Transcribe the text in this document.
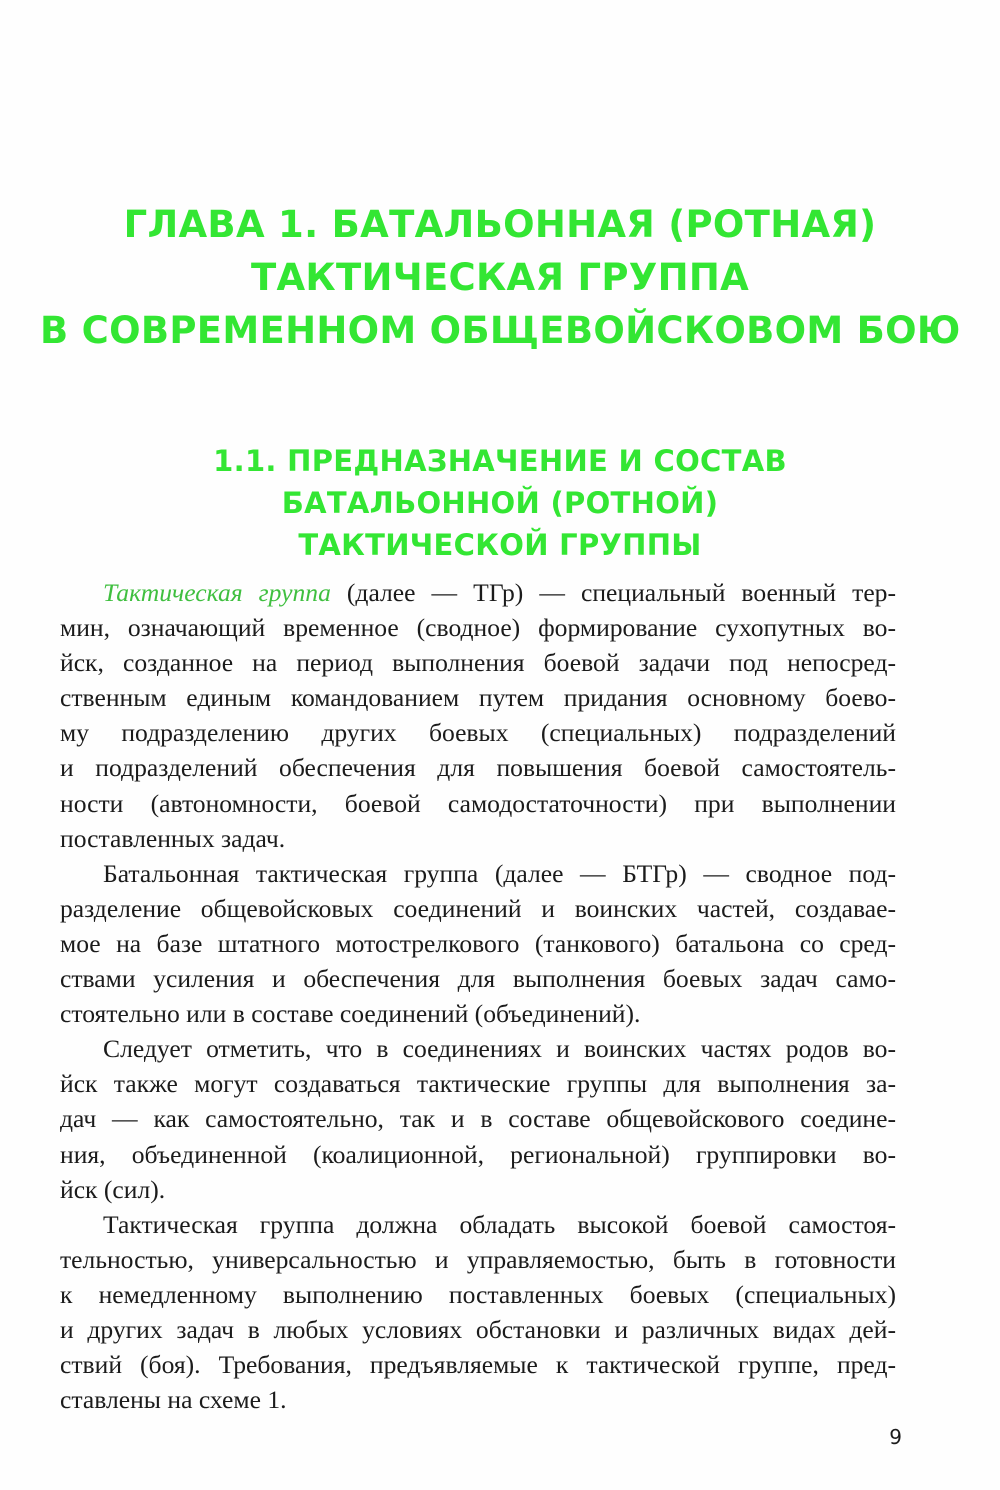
ГЛАВА 1. БАТАЛЬОННАЯ (РОТНАЯ)
ТАКТИЧЕСКАЯ ГРУППА
В СОВРЕМЕННОМ ОБЩЕВОЙСКОВОМ БОЮ
1.1. ПРЕДНАЗНАЧЕНИЕ И СОСТАВ
БАТАЛЬОННОЙ (РОТНОЙ)
ТАКТИЧЕСКОЙ ГРУППЫ

Тактическая группа (далее — ТГр) — специальный военный тер-
мин, означающий временное (сводное) формирование сухопутных во-
йск, созданное на период выполнения боевой задачи под непосред-
ственным единым командованием путем придания основному боево-
му подразделению других боевых (специальных) подразделений
и подразделений обеспечения для повышения боевой самостоятель-
ности (автономности, боевой самодостаточности) при выполнении
поставленных задач.

Батальонная тактическая группа (далее — БТГр) — сводное под-
разделение общевойсковых соединений и воинских частей, создавае-
мое на базе штатного мотострелкового (танкового) батальона со сред-
ствами усиления и обеспечения для выполнения боевых задач само-
стоятельно или в составе соединений (объединений).

Следует отметить, что в соединениях и воинских частях родов во-
йск также могут создаваться тактические группы для выполнения за-
дач — как самостоятельно, так и в составе общевойскового соедине-
ния, объединенной (коалиционной, региональной) группировки во-
йск (сил).

Тактическая группа должна обладать высокой боевой самостоя-
тельностью, универсальностью и управляемостью, быть в готовности
к немедленному выполнению поставленных боевых (специальных)
и других задач в любых условиях обстановки и различных видах дей-
ствий (боя). Требования, предъявляемые к тактической группе, пред-
ставлены на схеме 1.

9
